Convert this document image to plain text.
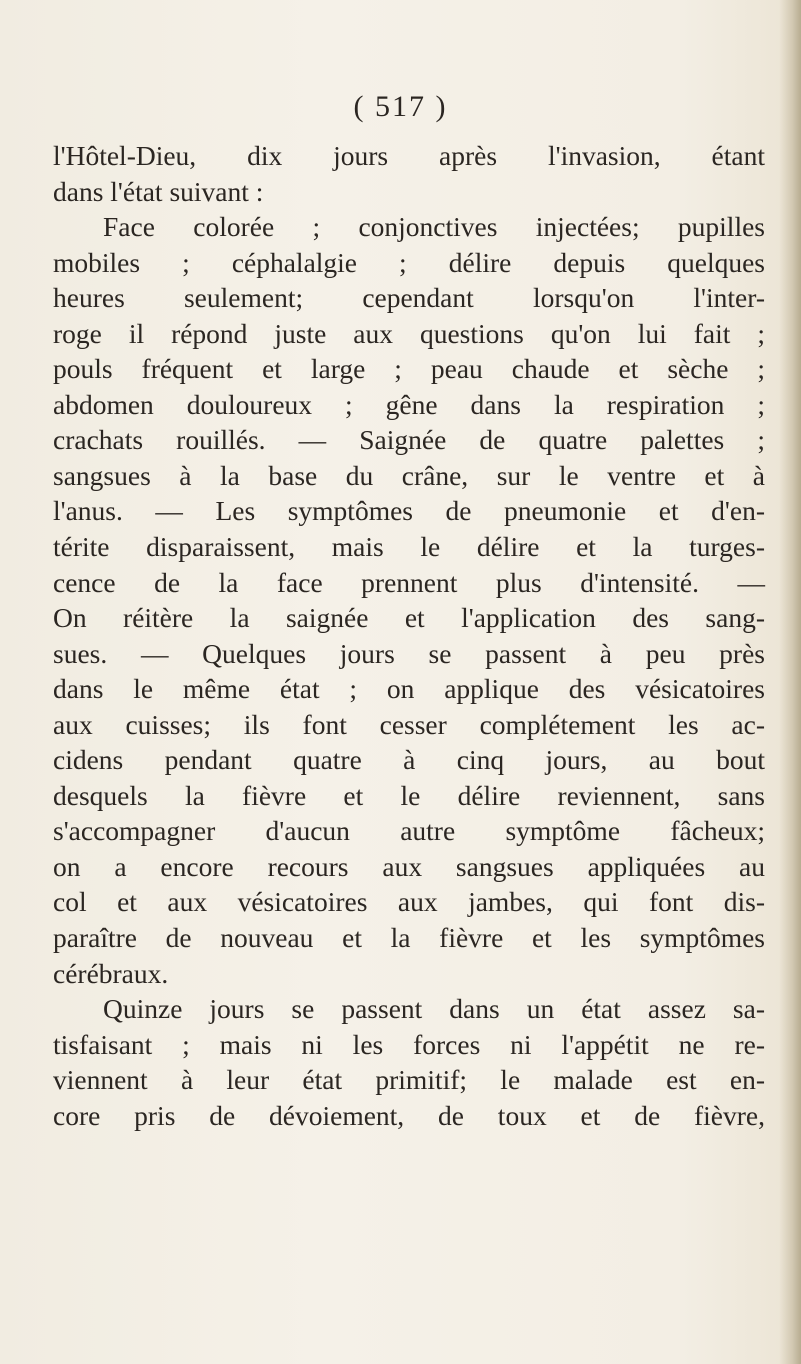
( 517 )
l'Hôtel-Dieu, dix jours après l'invasion, étant
dans l'état suivant :
Face colorée ; conjonctives injectées; pupilles
mobiles ; céphalalgie ; délire depuis quelques
heures seulement; cependant lorsqu'on l'inter-
roge il répond juste aux questions qu'on lui fait ;
pouls fréquent et large ; peau chaude et sèche ;
abdomen douloureux ; gêne dans la respiration ;
crachats rouillés. — Saignée de quatre palettes ;
sangsues à la base du crâne, sur le ventre et à
l'anus. — Les symptômes de pneumonie et d'en-
térite disparaissent, mais le délire et la turges-
cence de la face prennent plus d'intensité. —
On réitère la saignée et l'application des sang-
sues. — Quelques jours se passent à peu près
dans le même état ; on applique des vésicatoires
aux cuisses; ils font cesser complétement les ac-
cidens pendant quatre à cinq jours, au bout
desquels la fièvre et le délire reviennent, sans
s'accompagner d'aucun autre symptôme fâcheux;
on a encore recours aux sangsues appliquées au
col et aux vésicatoires aux jambes, qui font dis-
paraître de nouveau et la fièvre et les symptômes
cérébraux.
Quinze jours se passent dans un état assez sa-
tisfaisant ; mais ni les forces ni l'appétit ne re-
viennent à leur état primitif; le malade est en-
core pris de dévoiement, de toux et de fièvre,
